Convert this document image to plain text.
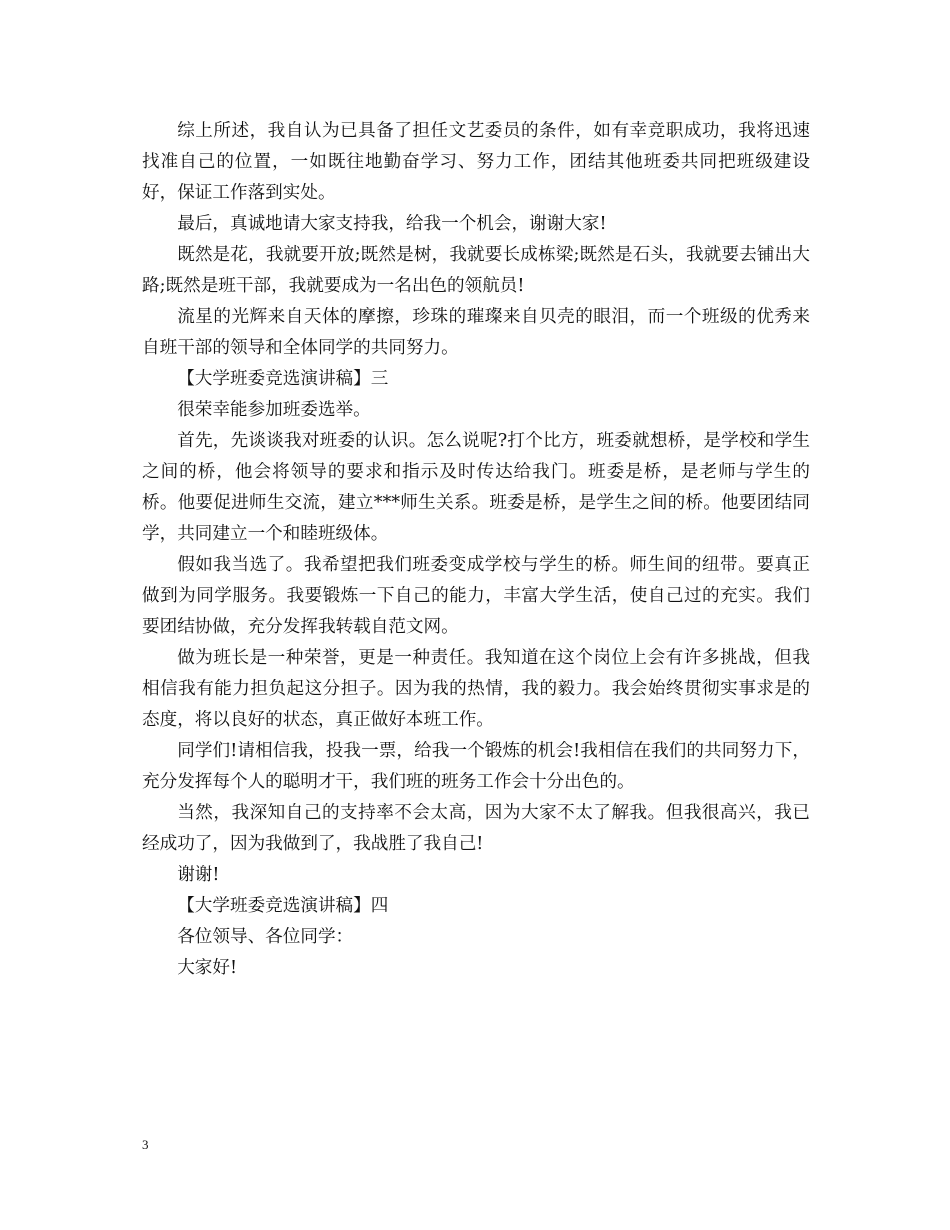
综上所述，我自认为已具备了担任文艺委员的条件，如有幸竞职成功，我将迅速找准自己的位置，一如既往地勤奋学习、努力工作，团结其他班委共同把班级建设好，保证工作落到实处。

最后，真诚地请大家支持我，给我一个机会，谢谢大家!

既然是花，我就要开放;既然是树，我就要长成栋梁;既然是石头，我就要去铺出大路;既然是班干部，我就要成为一名出色的领航员!

流星的光辉来自天体的摩擦，珍珠的璀璨来自贝壳的眼泪，而一个班级的优秀来自班干部的领导和全体同学的共同努力。

【大学班委竞选演讲稿】三

很荣幸能参加班委选举。

首先，先谈谈我对班委的认识。怎么说呢?打个比方，班委就想桥，是学校和学生之间的桥，他会将领导的要求和指示及时传达给我门。班委是桥，是老师与学生的桥。他要促进师生交流，建立***师生关系。班委是桥，是学生之间的桥。他要团结同学，共同建立一个和睦班级体。

假如我当选了。我希望把我们班委变成学校与学生的桥。师生间的纽带。要真正做到为同学服务。我要锻炼一下自己的能力，丰富大学生活，使自己过的充实。我们要团结协做，充分发挥我转载自范文网。

做为班长是一种荣誉，更是一种责任。我知道在这个岗位上会有许多挑战，但我相信我有能力担负起这分担子。因为我的热情，我的毅力。我会始终贯彻实事求是的态度，将以良好的状态，真正做好本班工作。

同学们!请相信我，投我一票，给我一个锻炼的机会!我相信在我们的共同努力下，充分发挥每个人的聪明才干，我们班的班务工作会十分出色的。

当然，我深知自己的支持率不会太高，因为大家不太了解我。但我很高兴，我已经成功了，因为我做到了，我战胜了我自己!

谢谢!

【大学班委竞选演讲稿】四

各位领导、各位同学：

大家好!

3
